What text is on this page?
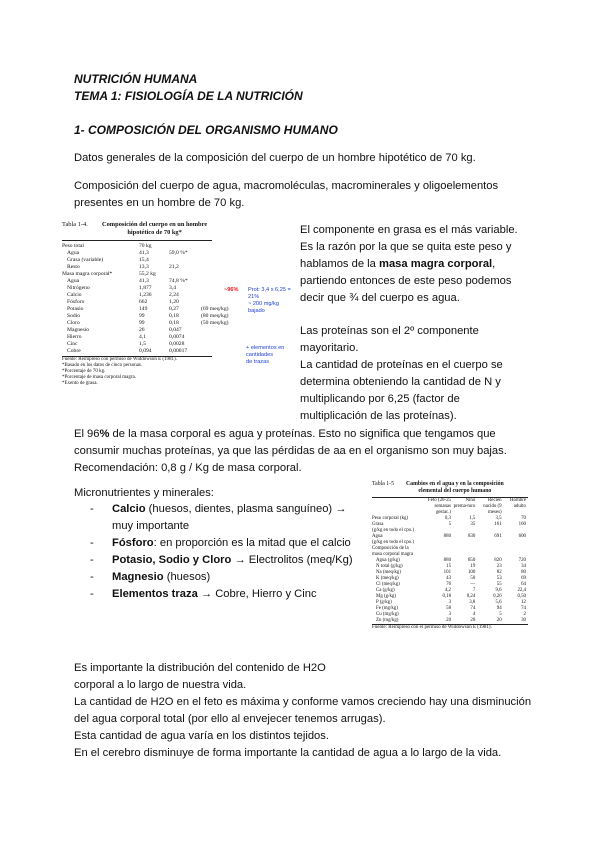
NUTRICIÓN HUMANA
TEMA 1: FISIOLOGÍA DE LA NUTRICIÓN
1- COMPOSICIÓN DEL ORGANISMO HUMANO
Datos generales de la composición del cuerpo de un hombre hipotético de 70 kg.
Composición del cuerpo de agua, macromoléculas, macrominerales y oligoelementos
presentes en un hombre de 70 kg.
Tabla 1-4.	Composición del cuerpo en un hombre
hipotético de 70 kg*
Peso total	70 kg		
Agua	41,3	59,0 %*	
Grasa (variable)	15,4		
Resto	13,3	21,2	
Masa magra corporal*	55,2 kg		
Agua	41,3	74,8 %*	
Nitrógeno	1,877	3,4	
Calcio	1,236	2,24	
Fósforo	662	1,20	
Potasio	149	0,27	(69 meq/kg)
Sodio	99	0,18	(80 meq/kg)
Cloro	99	0,18	(50 meq/kg)
Magnesio	26	0,047	
Hierro	4,1	0,0074	
Cinc	1,5	0,0028	
Cobre	0,094	0,00017	
Fuente: Reimpreso con permiso de Widdowson E (1981).
*Basado en los datos de cinco personas.
*Porcentaje de 70 kg.
*Porcentaje de masa corporal magra.
*Exento de grasa.
~96% Prot: 3,4 x 6,25 = 21%
~ 200 mg/kg bajado
+ elementos en cantidades
de trazas
El componente en grasa es el más variable.
Es la razón por la que se quita este peso y
hablamos de la masa magra corporal,
partiendo entonces de este peso podemos
decir que ¾ del cuerpo es agua.
Las proteínas son el 2º componente
mayoritario.
La cantidad de proteínas en el cuerpo se
determina obteniendo la cantidad de N y
multiplicando por 6,25 (factor de
multiplicación de las proteínas).
El 96% de la masa corporal es agua y proteínas. Esto no significa que tengamos que
consumir muchas proteínas, ya que las pérdidas de aa en el organismo son muy bajas.
Recomendación: 0,8 g / Kg de masa corporal.
Micronutrientes y minerales:
- Calcio (huesos, dientes, plasma sanguíneo) →
muy importante
- Fósforo: en proporción es la mitad que el calcio
- Potasio, Sodio y Cloro → Electrolitos (meq/Kg)
- Magnesio (huesos)
- Elementos traza → Cobre, Hierro y Cinc
Tabla 1-5	Cambios en el agua y en la composición
elemental del cuerpo humano
	Feto (20-25 semanas gestac.)	Niño prema-turo	Recién nacido (9 meses)	Hombre adulto
Peso corporal (kg)	0,3	1,5	3,5	70
Grasa	5	35	161	160
(g/kg en todo el cpo.)				
Agua	880	830	691	600
(g/kg en todo el cpo.)				
Composición de la				
masa corporal magra				
Agua (g/kg)	880	850	820	720
N total (g/kg)	15	19	23	34
Na (meq/kg)	101	100	82	80
K (meq/kg)	43	50	53	69
Cl (meq/kg)	76	—	55	64
Ca (g/kg)	4,2	7	9,6	22,4
Mg (g/kg)	0,18	0,24	0,26	0,50
P (g/kg)	3	3,8	5,6	12
Fe (mg/kg)	58	74	94	74
Cu (mg/kg)	3	4	5	2
Zn (mg/kg)	20	20	20	30
Fuente: Reimpreso con el permiso de Widdowson E (1981).
Es importante la distribución del contenido de H2O
corporal a lo largo de nuestra vida.
La cantidad de H2O en el feto es máxima y conforme vamos creciendo hay una disminución
del agua corporal total (por ello al envejecer tenemos arrugas).
Esta cantidad de agua varía en los distintos tejidos.
En el cerebro disminuye de forma importante la cantidad de agua a lo largo de la vida.
